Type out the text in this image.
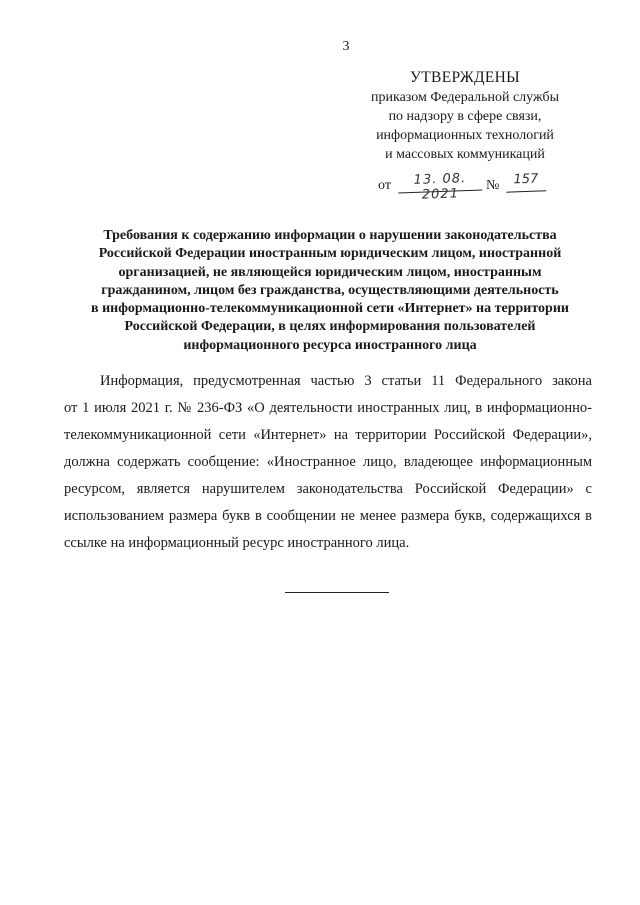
3
УТВЕРЖДЕНЫ
приказом Федеральной службы
по надзору в сфере связи,
информационных технологий
и массовых коммуникаций
от	13. 08. 2021
№	157
Требования к содержанию информации о нарушении законодательства
Российской Федерации иностранным юридическим лицом, иностранной
организацией, не являющейся юридическим лицом, иностранным
гражданином, лицом без гражданства, осуществляющими деятельность
в информационно-телекоммуникационной сети «Интернет» на территории
Российской Федерации, в целях информирования пользователей
информационного ресурса иностранного лица
Информация, предусмотренная частью 3 статьи 11 Федерального закона
от 1 июля 2021 г. № 236-ФЗ «О деятельности иностранных лиц, в информационно-
телекоммуникационной сети «Интернет» на территории Российской Федерации»,
должна содержать сообщение: «Иностранное лицо, владеющее информационным
ресурсом, является нарушителем законодательства Российской Федерации» с
использованием размера букв в сообщении не менее размера букв, содержащихся в
ссылке на информационный ресурс иностранного лица.
